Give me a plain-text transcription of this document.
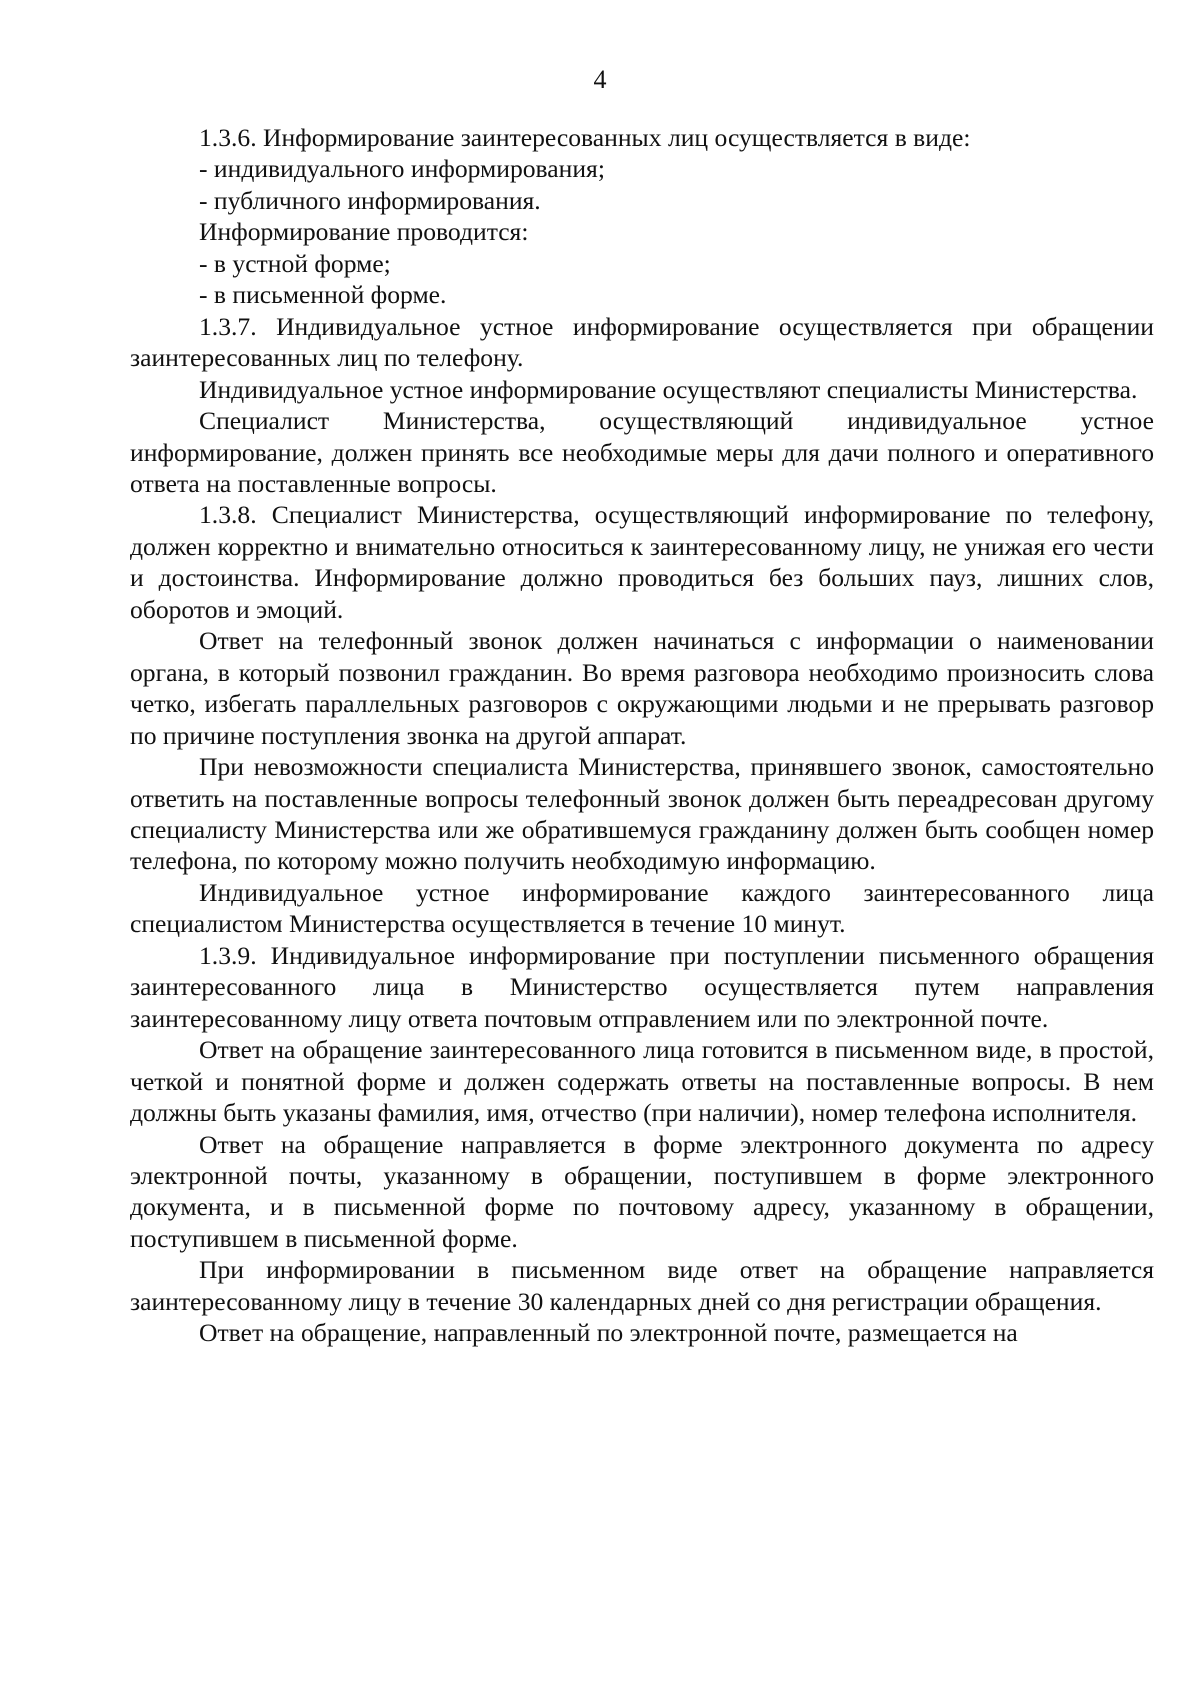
4

1.3.6. Информирование заинтересованных лиц осуществляется в виде:

- индивидуального информирования;

- публичного информирования.

Информирование проводится:

- в устной форме;

- в письменной форме.

1.3.7. Индивидуальное устное информирование осуществляется при обращении заинтересованных лиц по телефону.

Индивидуальное устное информирование осуществляют специалисты Министерства.

Специалист Министерства, осуществляющий индивидуальное устное информирование, должен принять все необходимые меры для дачи полного и оперативного ответа на поставленные вопросы.

1.3.8. Специалист Министерства, осуществляющий информирование по телефону, должен корректно и внимательно относиться к заинтересованному лицу, не унижая его чести и достоинства. Информирование должно проводиться без больших пауз, лишних слов, оборотов и эмоций.

Ответ на телефонный звонок должен начинаться с информации о наименовании органа, в который позвонил гражданин. Во время разговора необходимо произносить слова четко, избегать параллельных разговоров с окружающими людьми и не прерывать разговор по причине поступления звонка на другой аппарат.

При невозможности специалиста Министерства, принявшего звонок, самостоятельно ответить на поставленные вопросы телефонный звонок должен быть переадресован другому специалисту Министерства или же обратившемуся гражданину должен быть сообщен номер телефона, по которому можно получить необходимую информацию.

Индивидуальное устное информирование каждого заинтересованного лица специалистом Министерства осуществляется в течение 10 минут.

1.3.9. Индивидуальное информирование при поступлении письменного обращения заинтересованного лица в Министерство осуществляется путем направления заинтересованному лицу ответа почтовым отправлением или по электронной почте.

Ответ на обращение заинтересованного лица готовится в письменном виде, в простой, четкой и понятной форме и должен содержать ответы на поставленные вопросы. В нем должны быть указаны фамилия, имя, отчество (при наличии), номер телефона исполнителя.

Ответ на обращение направляется в форме электронного документа по адресу электронной почты, указанному в обращении, поступившем в форме электронного документа, и в письменной форме по почтовому адресу, указанному в обращении, поступившем в письменной форме.

При информировании в письменном виде ответ на обращение направляется заинтересованному лицу в течение 30 календарных дней со дня регистрации обращения.

Ответ на обращение, направленный по электронной почте, размещается на
